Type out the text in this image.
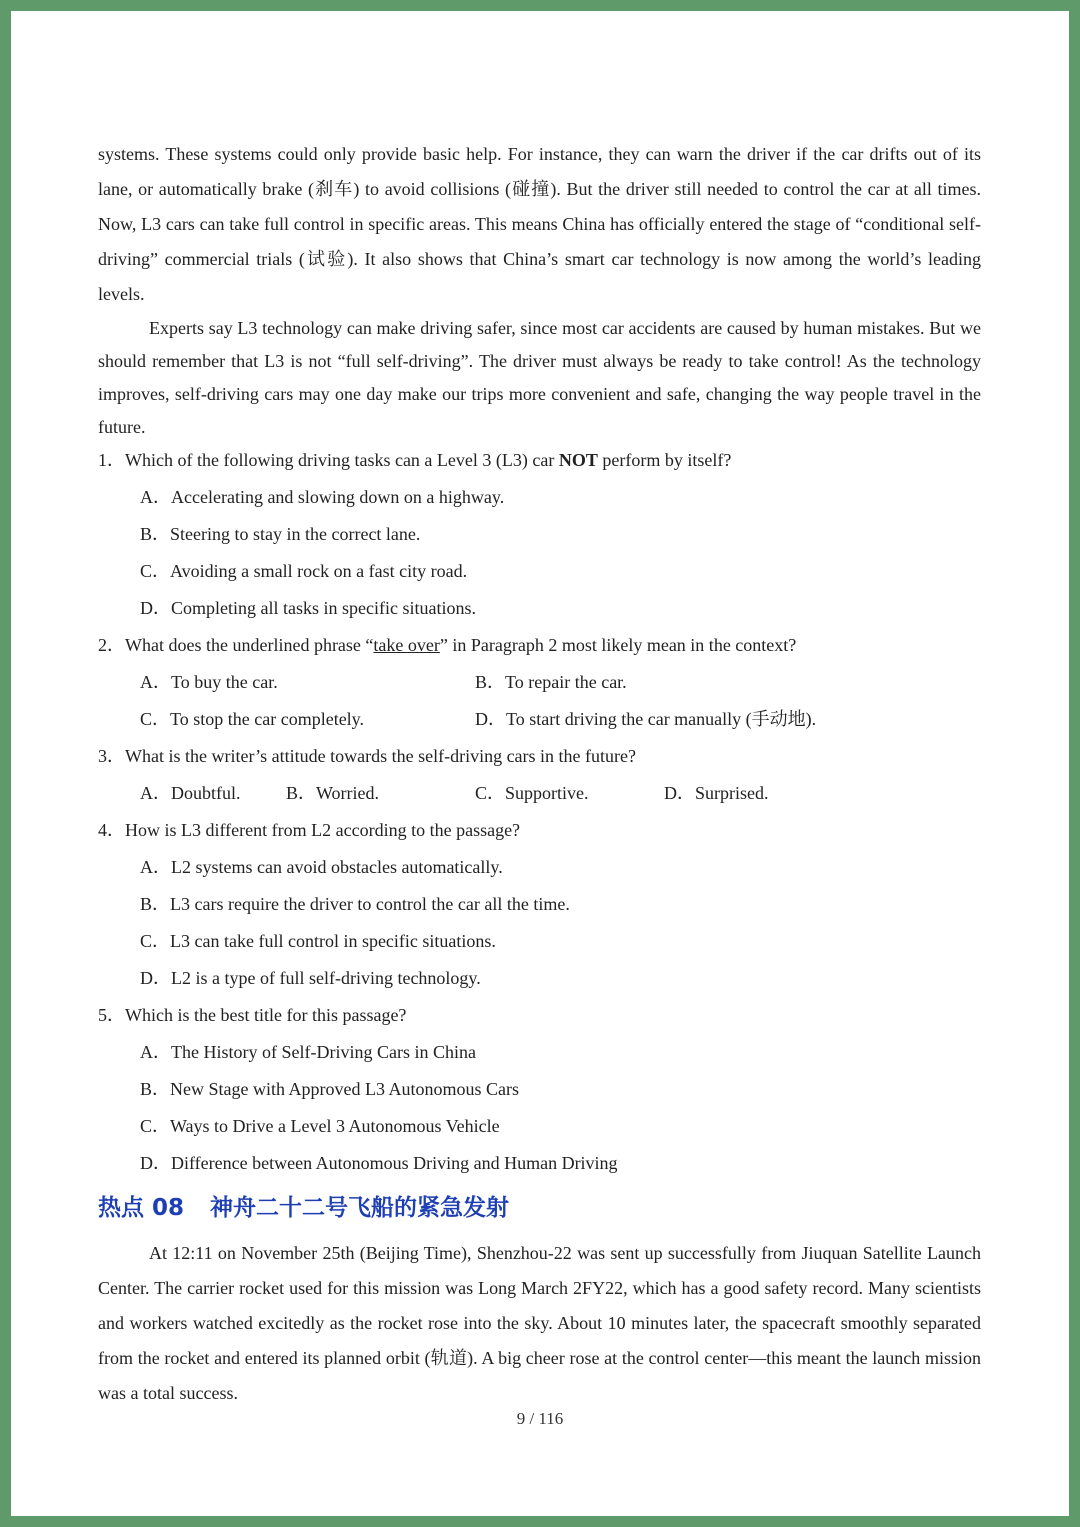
systems. These systems could only provide basic help. For instance, they can warn the driver if the car drifts out of its lane, or automatically brake (刹车) to avoid collisions (碰撞). But the driver still needed to control the car at all times. Now, L3 cars can take full control in specific areas. This means China has officially entered the stage of “conditional self-driving” commercial trials (试验). It also shows that China’s smart car technology is now among the world’s leading levels.

Experts say L3 technology can make driving safer, since most car accidents are caused by human mistakes. But we should remember that L3 is not “full self-driving”. The driver must always be ready to take control! As the technology improves, self-driving cars may one day make our trips more convenient and safe, changing the way people travel in the future.

1．Which of the following driving tasks can a Level 3 (L3) car NOT perform by itself?
A．Accelerating and slowing down on a highway.
B．Steering to stay in the correct lane.
C．Avoiding a small rock on a fast city road.
D．Completing all tasks in specific situations.
2．What does the underlined phrase “take over” in Paragraph 2 most likely mean in the context?
A．To buy the car.	B．To repair the car.
C．To stop the car completely.	D．To start driving the car manually (手动地).
3．What is the writer’s attitude towards the self-driving cars in the future?
A．Doubtful.	B．Worried.	C．Supportive.	D．Surprised.
4．How is L3 different from L2 according to the passage?
A．L2 systems can avoid obstacles automatically.
B．L3 cars require the driver to control the car all the time.
C．L3 can take full control in specific situations.
D．L2 is a type of full self-driving technology.
5．Which is the best title for this passage?
A．The History of Self-Driving Cars in China
B．New Stage with Approved L3 Autonomous Cars
C．Ways to Drive a Level 3 Autonomous Vehicle
D．Difference between Autonomous Driving and Human Driving
热点 08 神舟二十二号飞船的紧急发射

At 12:11 on November 25th (Beijing Time), Shenzhou-22 was sent up successfully from Jiuquan Satellite Launch Center. The carrier rocket used for this mission was Long March 2FY22, which has a good safety record. Many scientists and workers watched excitedly as the rocket rose into the sky. About 10 minutes later, the spacecraft smoothly separated from the rocket and entered its planned orbit (轨道). A big cheer rose at the control center—this meant the launch mission was a total success.

9 / 116
